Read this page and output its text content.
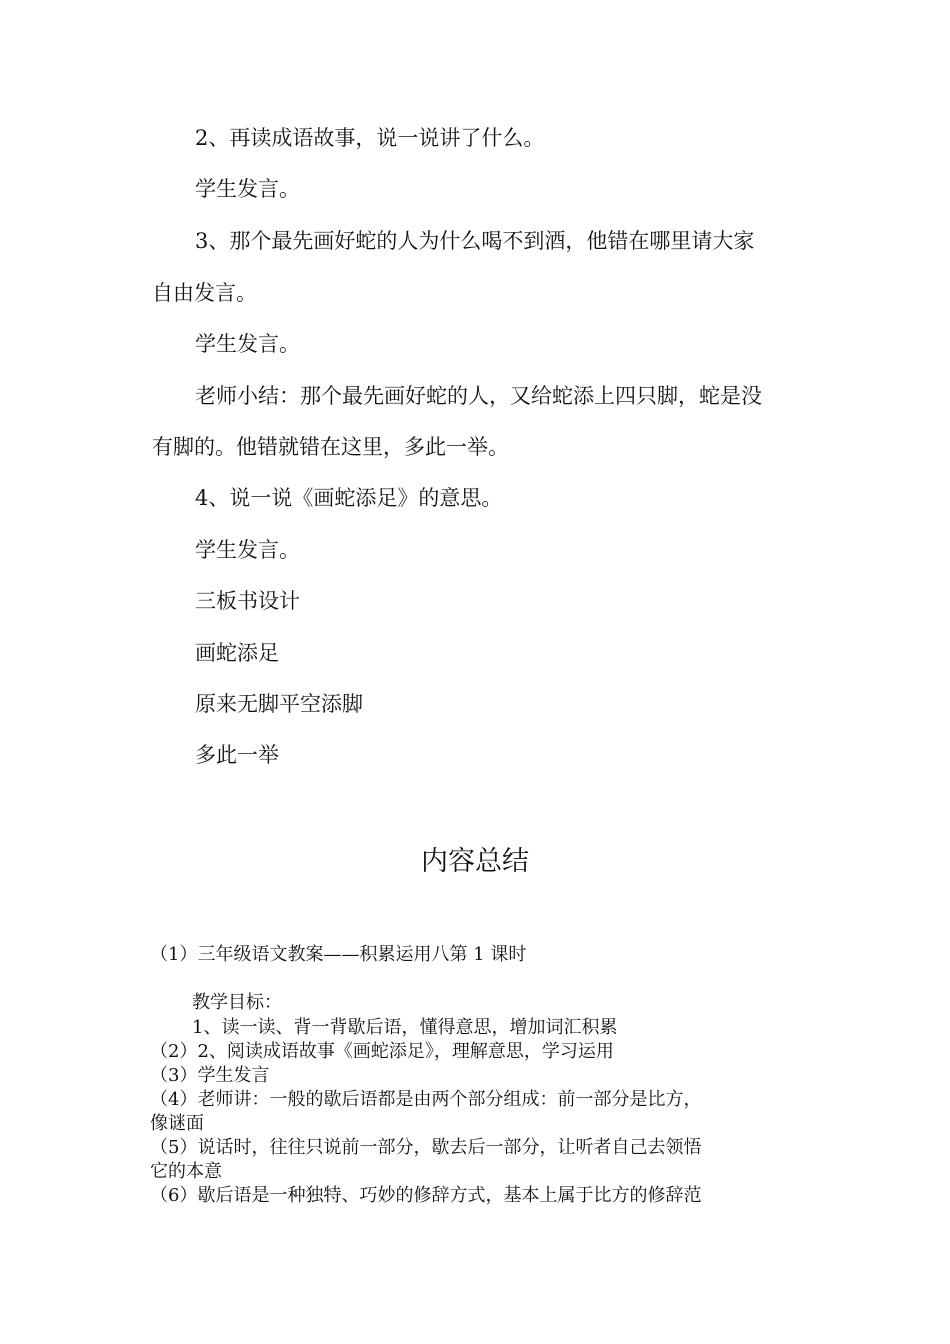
2、再读成语故事，说一说讲了什么。
学生发言。
3、那个最先画好蛇的人为什么喝不到酒，他错在哪里请大家
自由发言。
学生发言。
老师小结：那个最先画好蛇的人，又给蛇添上四只脚，蛇是没
有脚的。他错就错在这里，多此一举。
4、说一说《画蛇添足》的意思。
学生发言。
三板书设计
画蛇添足
原来无脚平空添脚
多此一举
内容总结
（1）三年级语文教案——积累运用八第 1 课时
教学目标：
1、读一读、背一背歇后语，懂得意思，增加词汇积累
（2）2、阅读成语故事《画蛇添足》，理解意思，学习运用
（3）学生发言
（4）老师讲：一般的歇后语都是由两个部分组成：前一部分是比方，
像谜面
（5）说话时，往往只说前一部分，歇去后一部分，让听者自己去领悟
它的本意
（6）歇后语是一种独特、巧妙的修辞方式，基本上属于比方的修辞范
